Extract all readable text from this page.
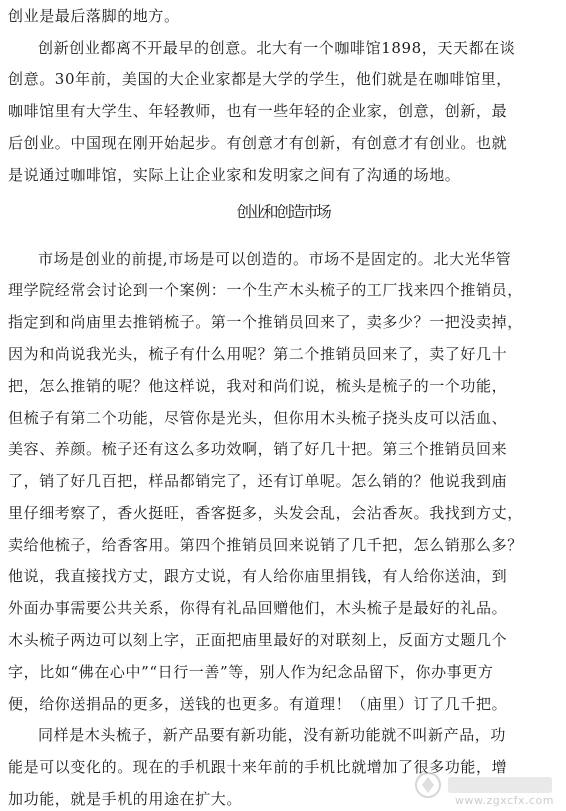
创业是最后落脚的地方。
创新创业都离不开最早的创意。北大有一个咖啡馆1898，天天都在谈
创意。30年前，美国的大企业家都是大学的学生，他们就是在咖啡馆里，
咖啡馆里有大学生、年轻教师，也有一些年轻的企业家，创意，创新，最
后创业。中国现在刚开始起步。有创意才有创新，有创意才有创业。也就
是说通过咖啡馆，实际上让企业家和发明家之间有了沟通的场地。
创业和创造市场
市场是创业的前提,市场是可以创造的。市场不是固定的。北大光华管
理学院经常会讨论到一个案例：一个生产木头梳子的工厂找来四个推销员，
指定到和尚庙里去推销梳子。第一个推销员回来了，卖多少？一把没卖掉，
因为和尚说我光头，梳子有什么用呢？第二个推销员回来了，卖了好几十
把，怎么推销的呢？他这样说，我对和尚们说，梳头是梳子的一个功能，
但梳子有第二个功能，尽管你是光头，但你用木头梳子挠头皮可以活血、
美容、养颜。梳子还有这么多功效啊，销了好几十把。第三个推销员回来
了，销了好几百把，样品都销完了，还有订单呢。怎么销的？他说我到庙
里仔细考察了，香火挺旺，香客挺多，头发会乱，会沾香灰。我找到方丈，
卖给他梳子，给香客用。第四个推销员回来说销了几千把，怎么销那么多？
他说，我直接找方丈，跟方丈说，有人给你庙里捐钱，有人给你送油，到
外面办事需要公共关系，你得有礼品回赠他们，木头梳子是最好的礼品。
木头梳子两边可以刻上字，正面把庙里最好的对联刻上，反面方丈题几个
字，比如“佛在心中”“日行一善”等，别人作为纪念品留下，你办事更方
便，给你送捐品的更多，送钱的也更多。有道理！（庙里）订了几千把。
同样是木头梳子，新产品要有新功能，没有新功能就不叫新产品，功
能是可以变化的。现在的手机跟十来年前的手机比就增加了很多功能，增
加功能，就是手机的用途在扩大。	www.zgxcfx.com
